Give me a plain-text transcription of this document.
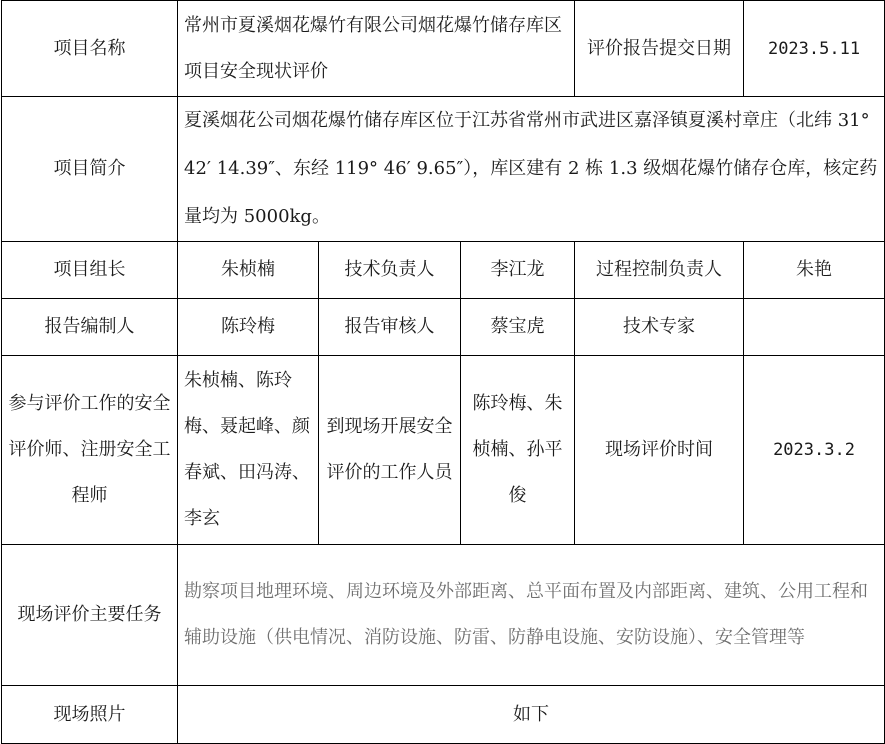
项目名称	常州市夏溪烟花爆竹有限公司烟花爆竹储存库区项目安全现状评价			评价报告提交日期	2023.5.11
项目简介	夏溪烟花公司烟花爆竹储存库区位于江苏省常州市武进区嘉泽镇夏溪村章庄（北纬 31° 42′ 14.39″、东经 119° 46′ 9.65″），库区建有 2 栋 1.3 级烟花爆竹储存仓库，核定药量均为 5000kg。				
项目组长	朱桢楠	技术负责人	李江龙	过程控制负责人	朱艳
报告编制人	陈玲梅	报告审核人	蔡宝虎	技术专家	
参与评价工作的安全评价师、注册安全工程师	朱桢楠、陈玲梅、聂起峰、颜春斌、田冯涛、李玄	到现场开展安全评价的工作人员	陈玲梅、朱桢楠、孙平俊	现场评价时间	2023.3.2
现场评价主要任务	勘察项目地理环境、周边环境及外部距离、总平面布置及内部距离、建筑、公用工程和辅助设施（供电情况、消防设施、防雷、防静电设施、安防设施）、安全管理等				
现场照片	如下				
